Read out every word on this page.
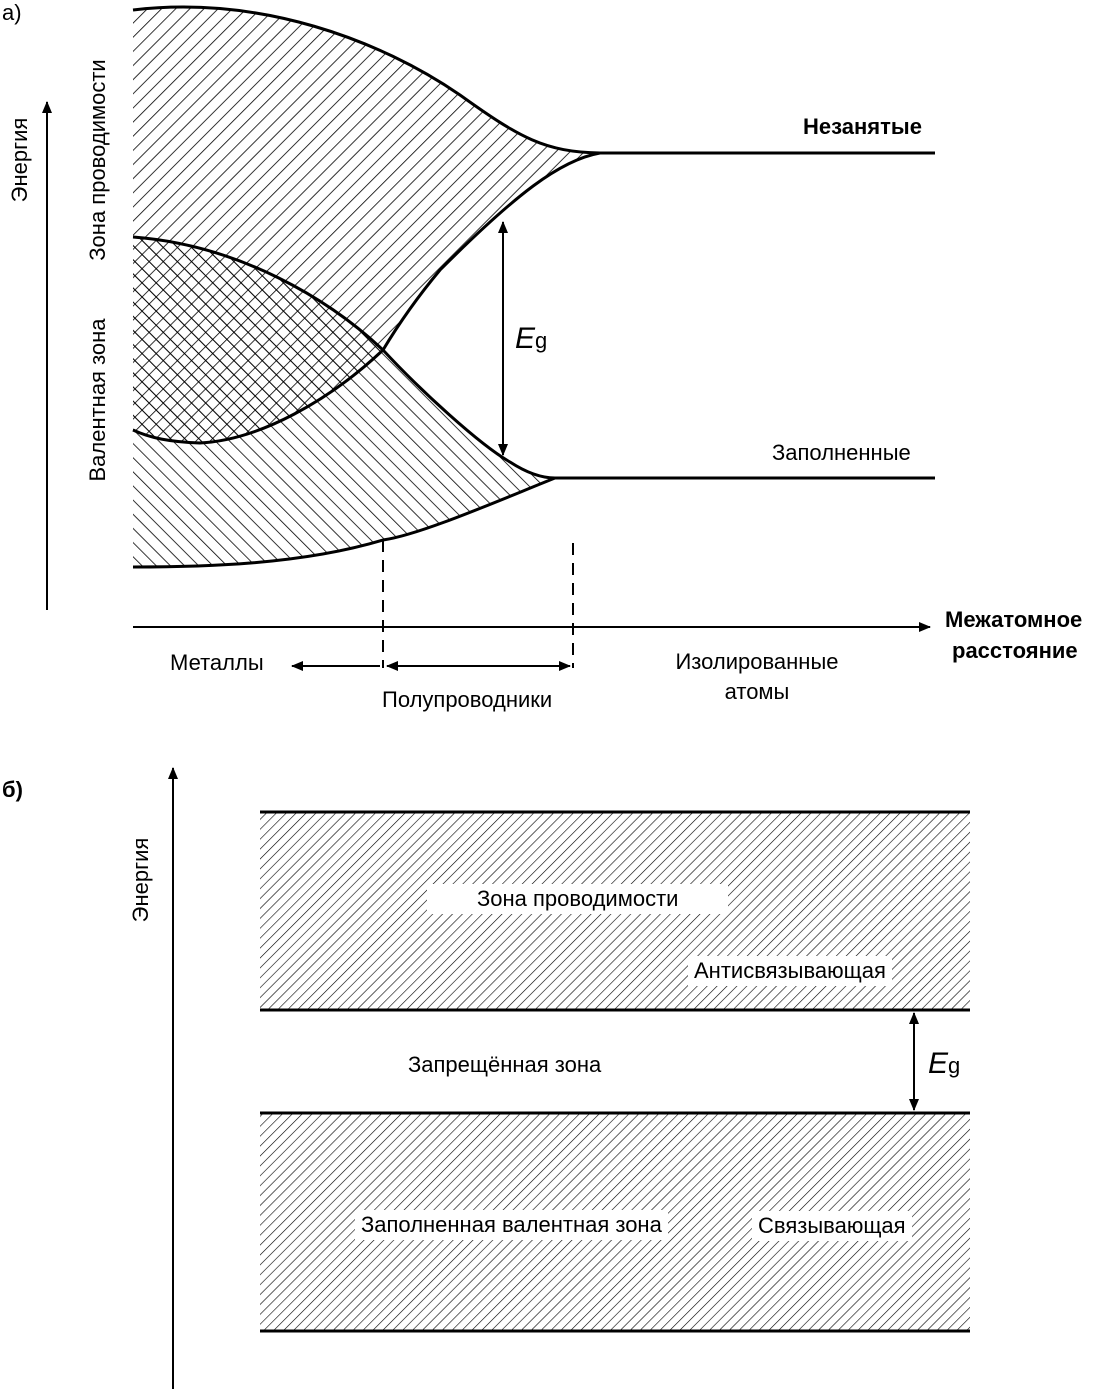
а)
Энергия Зона проводимости
Валентная зона
Незанятые
Заполненные
Eg
Межатомное
расстояние
Металлы
Полупроводники
Изолированные
атомы
б)
Энергия	Зона проводимости
Антисвязывающая
Запрещённая зона	Eg
Заполненная валентная зона	Связывающая
